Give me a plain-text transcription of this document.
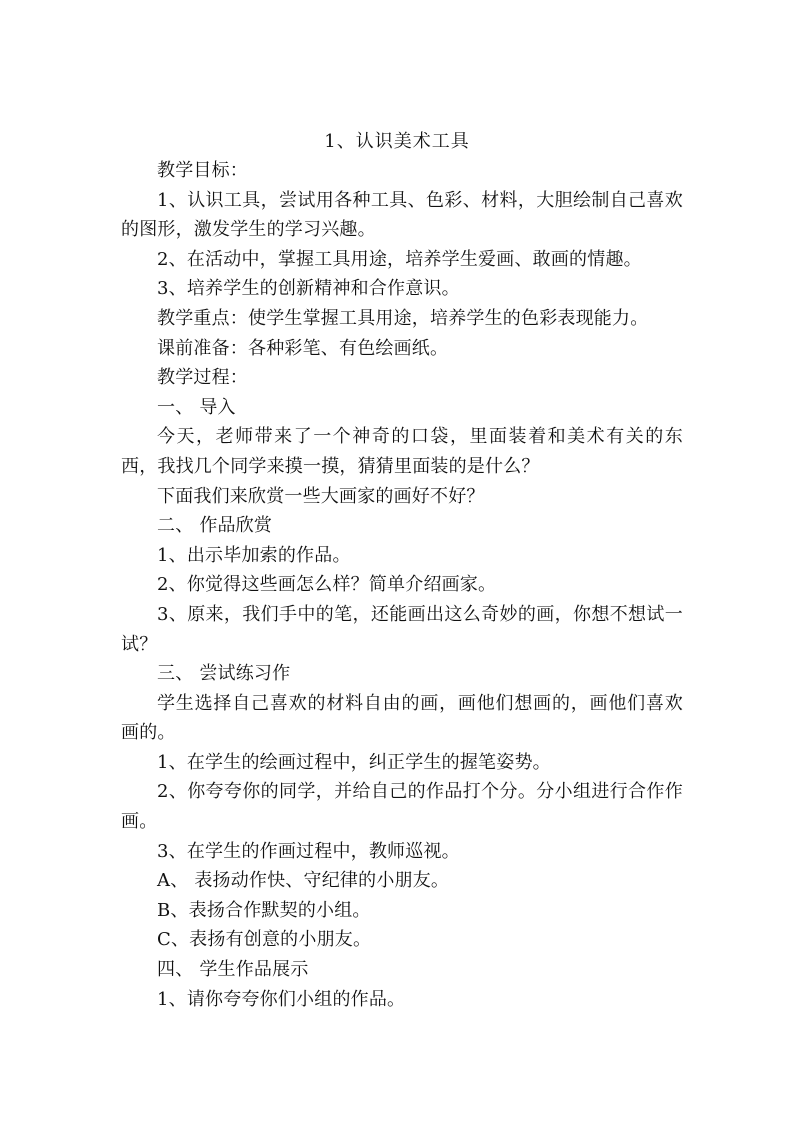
1、认识美术工具

教学目标：

1、认识工具，尝试用各种工具、色彩、材料，大胆绘制自己喜欢的图形，激发学生的学习兴趣。

2、在活动中，掌握工具用途，培养学生爱画、敢画的情趣。

3、培养学生的创新精神和合作意识。

教学重点：使学生掌握工具用途，培养学生的色彩表现能力。

课前准备：各种彩笔、有色绘画纸。

教学过程：

一、 导入

今天，老师带来了一个神奇的口袋，里面装着和美术有关的东西，我找几个同学来摸一摸，猜猜里面装的是什么？

下面我们来欣赏一些大画家的画好不好？

二、 作品欣赏

1、出示毕加索的作品。

2、你觉得这些画怎么样？简单介绍画家。

3、原来，我们手中的笔，还能画出这么奇妙的画，你想不想试一试？

三、 尝试练习作

学生选择自己喜欢的材料自由的画，画他们想画的，画他们喜欢画的。

1、在学生的绘画过程中，纠正学生的握笔姿势。

2、你夸夸你的同学，并给自己的作品打个分。分小组进行合作作画。

3、在学生的作画过程中，教师巡视。

A、 表扬动作快、守纪律的小朋友。

B、表扬合作默契的小组。

C、表扬有创意的小朋友。

四、 学生作品展示

1、请你夸夸你们小组的作品。
